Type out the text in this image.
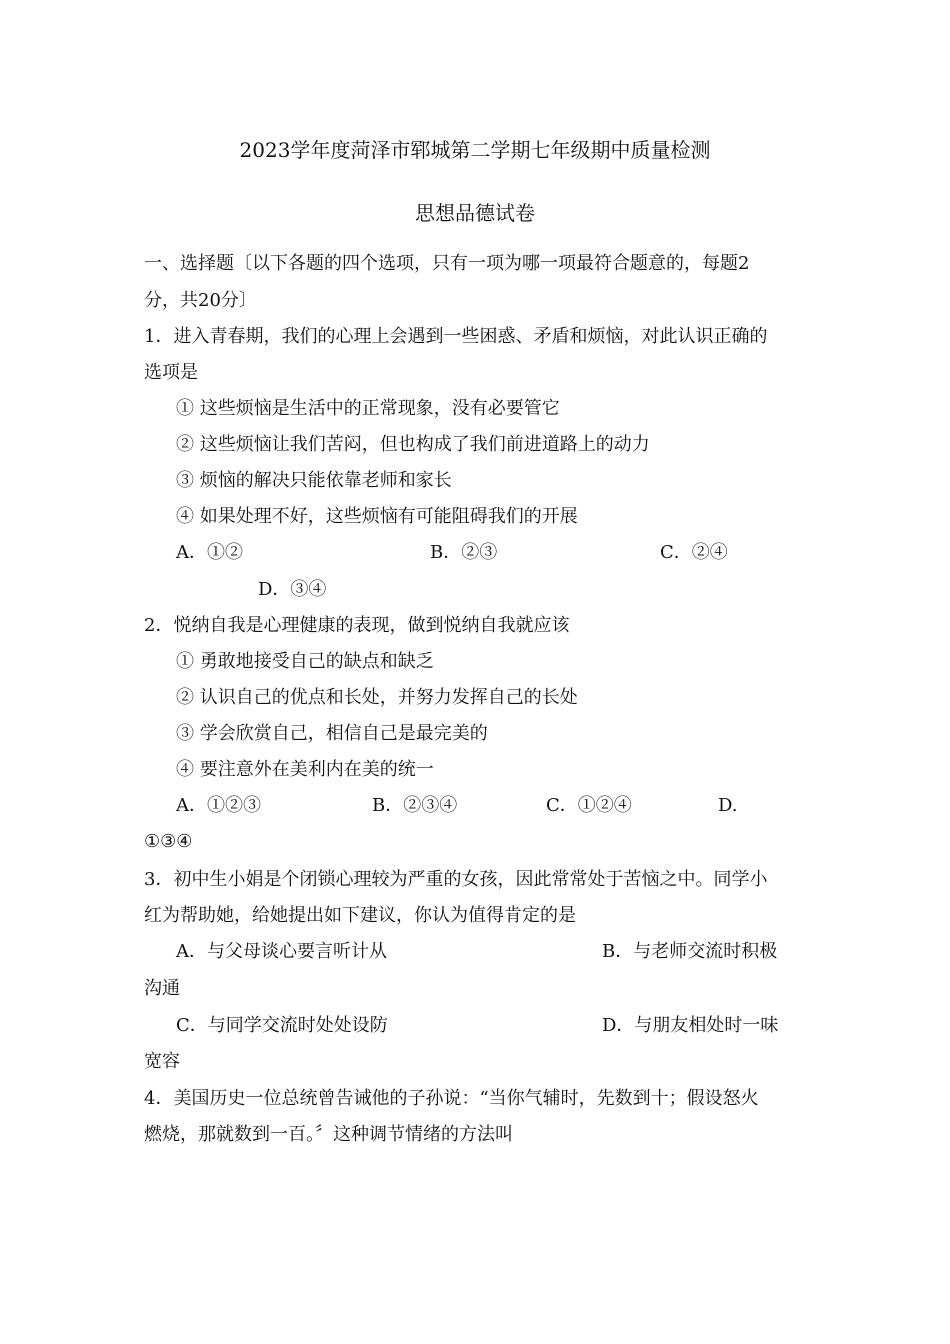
2023学年度菏泽市郓城第二学期七年级期中质量检测
思想品德试卷
一、选择题〔以下各题的四个选项，只有一项为哪一项最符合题意的，每题2
分，共20分〕
1．进入青春期，我们的心理上会遇到一些困惑、矛盾和烦恼，对此认识正确的
选项是
① 这些烦恼是生活中的正常现象，没有必要管它
② 这些烦恼让我们苦闷，但也构成了我们前进道路上的动力
③ 烦恼的解决只能依靠老师和家长
④ 如果处理不好，这些烦恼有可能阻碍我们的开展
A．①②	B．②③	C．②④
D．③④
2．悦纳自我是心理健康的表现，做到悦纳自我就应该
① 勇敢地接受自己的缺点和缺乏
② 认识自己的优点和长处，并努力发挥自己的长处
③ 学会欣赏自己，相信自己是最完美的
④ 要注意外在美利内在美的统一
A．①②③	B．②③④	C．①②④	D.
①③④
3．初中生小娟是个闭锁心理较为严重的女孩，因此常常处于苦恼之中。同学小
红为帮助她，给她提出如下建议，你认为值得肯定的是
A．与父母谈心要言听计从	B．与老师交流时积极
沟通
C．与同学交流时处处设防	D．与朋友相处时一味
宽容
4．美国历史一位总统曾告诫他的子孙说：“当你气辅时，先数到十；假设怒火
燃烧，那就数到一百。〞这种调节情绪的方法叫
